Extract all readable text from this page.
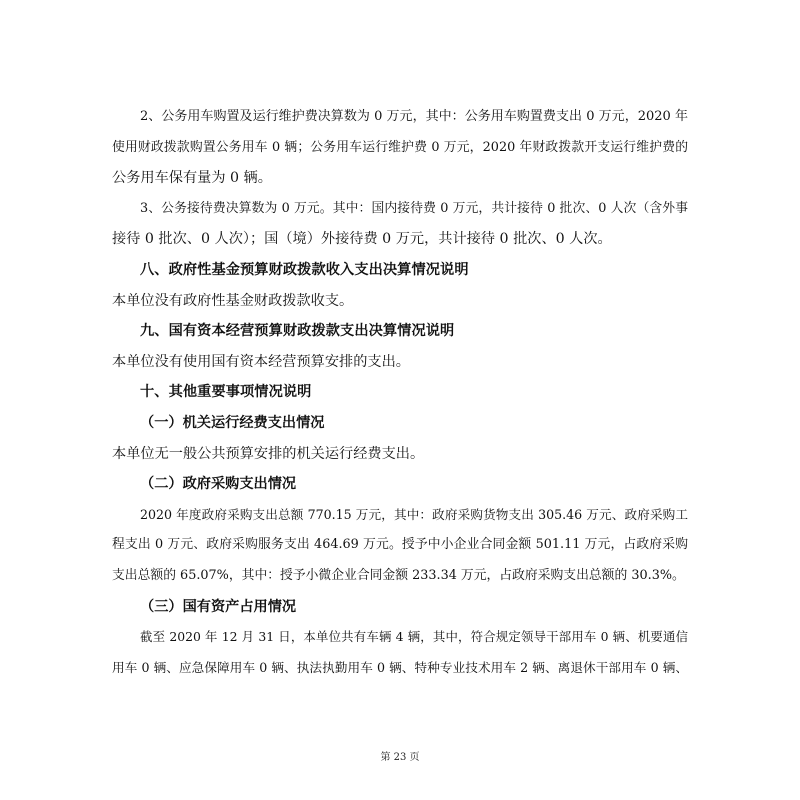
2、公务用车购置及运行维护费决算数为 0 万元，其中：公务用车购置费支出 0 万元，2020 年

使用财政拨款购置公务用车 0 辆；公务用车运行维护费 0 万元，2020 年财政拨款开支运行维护费的

公务用车保有量为 0 辆。

3、公务接待费决算数为 0 万元。其中：国内接待费 0 万元，共计接待 0 批次、0 人次（含外事

接待 0 批次、0 人次）；国（境）外接待费 0 万元，共计接待 0 批次、0 人次。

八、政府性基金预算财政拨款收入支出决算情况说明

本单位没有政府性基金财政拨款收支。

九、国有资本经营预算财政拨款支出决算情况说明

本单位没有使用国有资本经营预算安排的支出。

十、其他重要事项情况说明

（一）机关运行经费支出情况

本单位无一般公共预算安排的机关运行经费支出。

（二）政府采购支出情况

2020 年度政府采购支出总额 770.15 万元，其中：政府采购货物支出 305.46 万元、政府采购工

程支出 0 万元、政府采购服务支出 464.69 万元。授予中小企业合同金额 501.11 万元，占政府采购

支出总额的 65.07%，其中：授予小微企业合同金额 233.34 万元，占政府采购支出总额的 30.3%。

（三）国有资产占用情况

截至 2020 年 12 月 31 日，本单位共有车辆 4 辆，其中，符合规定领导干部用车 0 辆、机要通信

用车 0 辆、应急保障用车 0 辆、执法执勤用车 0 辆、特种专业技术用车 2 辆、离退休干部用车 0 辆、

第 23 页
